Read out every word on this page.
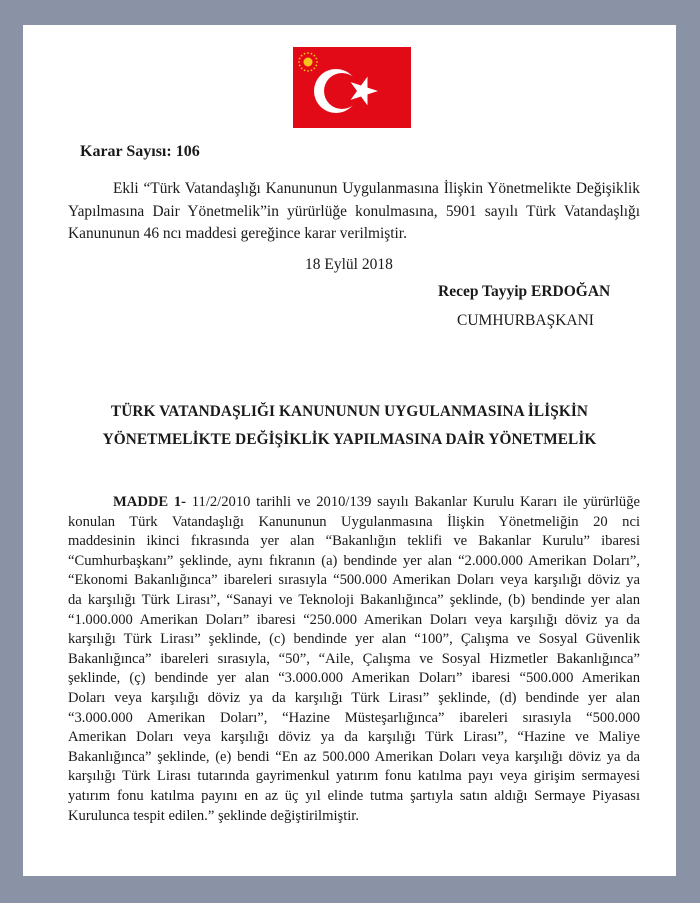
Karar Sayısı: 106
Ekli “Türk Vatandaşlığı Kanununun Uygulanmasına İlişkin Yönetmelikte Değişiklik Yapılmasına Dair Yönetmelik”in yürürlüğe konulmasına, 5901 sayılı Türk Vatandaşlığı Kanununun 46 ncı maddesi gereğince karar verilmiştir.
18 Eylül 2018
Recep Tayyip ERDOĞAN
CUMHURBAŞKANI
TÜRK VATANDAŞLIĞI KANUNUNUN UYGULANMASINA İLİŞKİN
YÖNETMELİKTE DEĞİŞİKLİK YAPILMASINA DAİR YÖNETMELİK
MADDE 1- 11/2/2010 tarihli ve 2010/139 sayılı Bakanlar Kurulu Kararı ile yürürlüğe
konulan Türk Vatandaşlığı Kanununun Uygulanmasına İlişkin Yönetmeliğin 20 nci
maddesinin ikinci fıkrasında yer alan “Bakanlığın teklifi ve Bakanlar Kurulu” ibaresi
“Cumhurbaşkanı” şeklinde, aynı fıkranın (a) bendinde yer alan “2.000.000 Amerikan Doları”,
“Ekonomi Bakanlığınca” ibareleri sırasıyla “500.000 Amerikan Doları veya karşılığı döviz ya
da karşılığı Türk Lirası”, “Sanayi ve Teknoloji Bakanlığınca” şeklinde, (b) bendinde yer alan
“1.000.000 Amerikan Doları” ibaresi “250.000 Amerikan Doları veya karşılığı döviz ya da
karşılığı Türk Lirası” şeklinde, (c) bendinde yer alan “100”, Çalışma ve Sosyal Güvenlik
Bakanlığınca” ibareleri sırasıyla, “50”, “Aile, Çalışma ve Sosyal Hizmetler Bakanlığınca”
şeklinde, (ç) bendinde yer alan “3.000.000 Amerikan Doları” ibaresi “500.000 Amerikan
Doları veya karşılığı döviz ya da karşılığı Türk Lirası” şeklinde, (d) bendinde yer alan
“3.000.000 Amerikan Doları”, “Hazine Müsteşarlığınca” ibareleri sırasıyla “500.000
Amerikan Doları veya karşılığı döviz ya da karşılığı Türk Lirası”, “Hazine ve Maliye
Bakanlığınca” şeklinde, (e) bendi “En az 500.000 Amerikan Doları veya karşılığı döviz ya da
karşılığı Türk Lirası tutarında gayrimenkul yatırım fonu katılma payı veya girişim sermayesi
yatırım fonu katılma payını en az üç yıl elinde tutma şartıyla satın aldığı Sermaye Piyasası
Kurulunca tespit edilen.” şeklinde değiştirilmiştir.
